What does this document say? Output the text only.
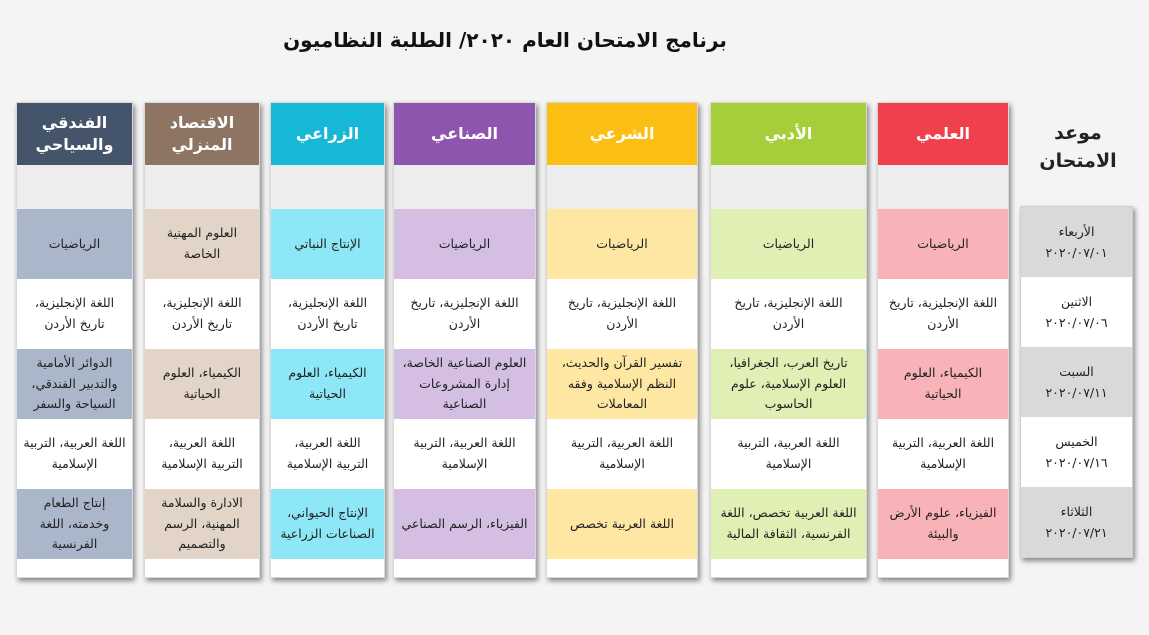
برنامج الامتحان العام ٢٠٢٠/ الطلبة النظاميون
العلمي
الرياضيات
اللغة الإنجليزية، تاريخ الأردن
الكيمياء، العلوم الحياتية
اللغة العربية، التربية الإسلامية
الفيزياء، علوم الأرض والبيئة
الأدبي
الرياضيات
اللغة الإنجليزية، تاريخ الأردن
تاريخ العرب، الجغرافيا، العلوم الإسلامية، علوم الحاسوب
اللغة العربية، التربية الإسلامية
اللغة العربية تخصص، اللغة الفرنسية، الثقافة المالية
الشرعي
الرياضيات
اللغة الإنجليزية، تاريخ الأردن
تفسير القرآن والحديث، النظم الإسلامية وفقه المعاملات
اللغة العربية، التربية الإسلامية
اللغة العربية تخصص
الصناعي
الرياضيات
اللغة الإنجليزية، تاريخ الأردن
العلوم الصناعية الخاصة، إدارة المشروعات الصناعية
اللغة العربية، التربية الإسلامية
الفيزياء، الرسم الصناعي
الزراعي
الإنتاج النباتي
اللغة الإنجليزية، تاريخ الأردن
الكيمياء، العلوم الحياتية
اللغة العربية، التربية الإسلامية
الإنتاج الحيواني، الصناعات الزراعية
الاقتصاد المنزلي
العلوم المهنية الخاصة
اللغة الإنجليزية، تاريخ الأردن
الكيمياء، العلوم الحياتية
اللغة العربية، التربية الإسلامية
الادارة والسلامة المهنية، الرسم والتصميم
الفندقي والسياحي
الرياضيات
اللغة الإنجليزية، تاريخ الأردن
الدوائر الأمامية والتدبير الفندقي، السياحة والسفر
اللغة العربية، التربية الإسلامية
إنتاج الطعام وخدمته، اللغة الفرنسية
موعد الامتحان
الأربعاء
٢٠٢٠/٠٧/٠١
الاثنين
٢٠٢٠/٠٧/٠٦
السبت
٢٠٢٠/٠٧/١١
الخميس
٢٠٢٠/٠٧/١٦
الثلاثاء
٢٠٢٠/٠٧/٢١
